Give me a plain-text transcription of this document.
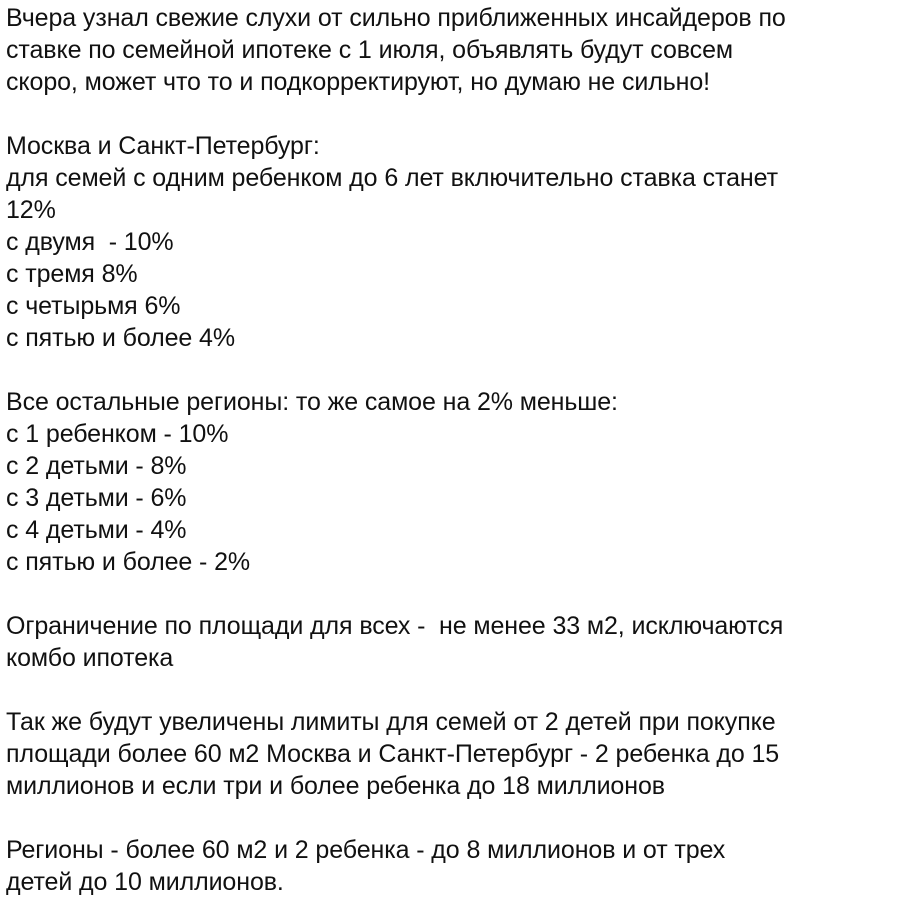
Вчера узнал свежие слухи от сильно приближенных инсайдеров по
ставке по семейной ипотеке с 1 июля, объявлять будут совсем
скоро, может что то и подкорректируют, но думаю не сильно!
Москва и Санкт-Петербург:
для семей с одним ребенком до 6 лет включительно ставка станет
12%
с двумя  - 10%
с тремя 8%
с четырьмя 6%
с пятью и более 4%
Все остальные регионы: то же самое на 2% меньше:
с 1 ребенком - 10%
с 2 детьми - 8%
с 3 детьми - 6%
с 4 детьми - 4%
с пятью и более - 2%
Ограничение по площади для всех -  не менее 33 м2, исключаются
комбо ипотека
Так же будут увеличены лимиты для семей от 2 детей при покупке
площади более 60 м2 Москва и Санкт-Петербург - 2 ребенка до 15
миллионов и если три и более ребенка до 18 миллионов
Регионы - более 60 м2 и 2 ребенка - до 8 миллионов и от трех
детей до 10 миллионов.
